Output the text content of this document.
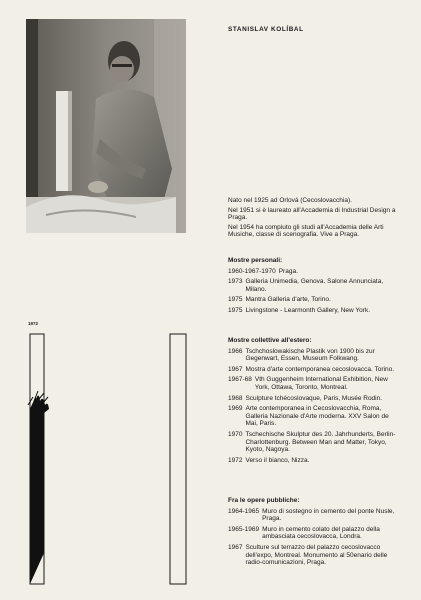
STANISLAV KOLÍBAL

Nato nel 1925 ad Orlová (Cecoslovacchia).

Nel 1951 si è laureato all'Accademia di Industrial Design a Praga.

Nel 1954 ha compiuto gli studi all'Accademia delle Arti Musiche, classe di scenografia. Vive a Praga.

Mostre personali:
1960-1967-1970 Praga.
1973 Galleria Unimedia, Genova. Salone Annunciata, Milano.
1975 Mantra Galleria d'arte, Torino.
1975 Livingstone - Learmonth Gallery, New York.
Mostre collettive all'estero:
1966 Tschchoslowakische Plastik von 1900 bis zur Gegenwart, Essen, Museum Folkwang.
1967 Mostra d'arte contemporanea cecoslovacca. Torino.
1967-68 Vth Guggenheim International Exhibition, New York, Ottawa, Toronto, Montreal.
1968 Sculpture tchécoslovaque, Paris, Musée Rodin.
1969 Arte contemporanea in Cecoslovacchia, Roma, Galleria Nazionale d'Arte moderna. XXV Salon de Mai, Paris.
1970 Tschechische Skulptur des 20. Jahrhunderts, Berlin-Charlottenburg. Between Man and Matter, Tokyo, Kyoto, Nagoya.
1972 Verso il bianco, Nizza.
Fra le opere pubbliche:
1964-1965 Muro di sostegno in cemento del ponte Nusle, Praga.
1965-1969 Muro in cemento colato del palazzo della ambasciata cecoslovacca, Londra.
1967 Sculture sul terrazzo del palazzo cecoslovacco dell'expo, Montreal. Monumento al 50enario delle radio-comunicazioni, Praga.
1972
